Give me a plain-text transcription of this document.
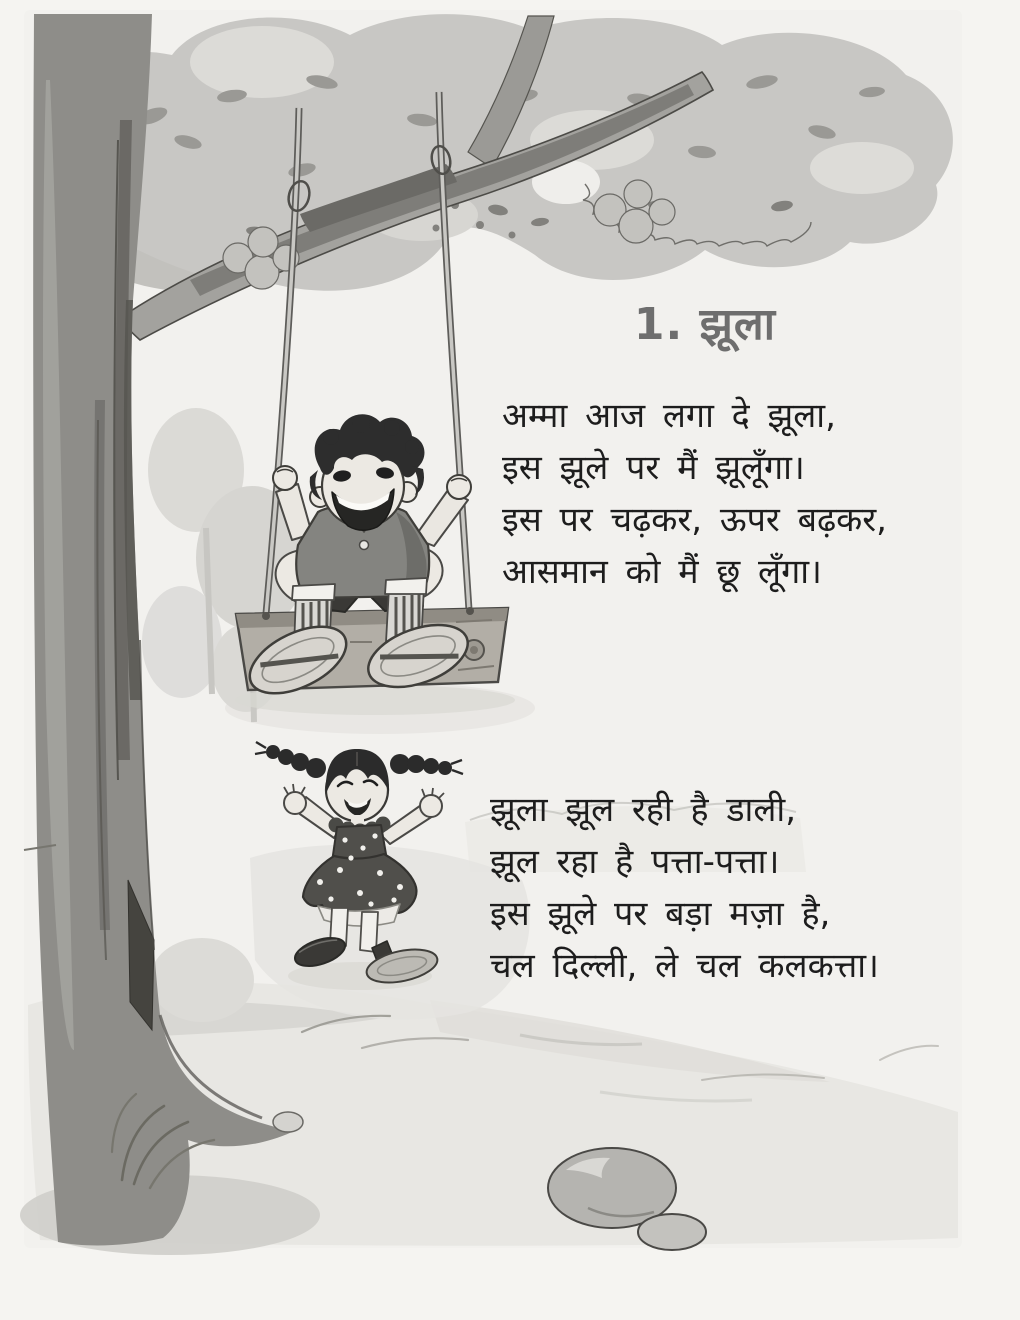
1. झूला
अम्मा आज लगा दे झूला,
इस झूले पर मैं झूलूँगा।
इस पर चढ़कर, ऊपर बढ़कर,
आसमान को मैं छू लूँगा।
झूला झूल रही है डाली,
झूल रहा है पत्ता-पत्ता।
इस झूले पर बड़ा मज़ा है,
चल दिल्ली, ले चल कलकत्ता।
